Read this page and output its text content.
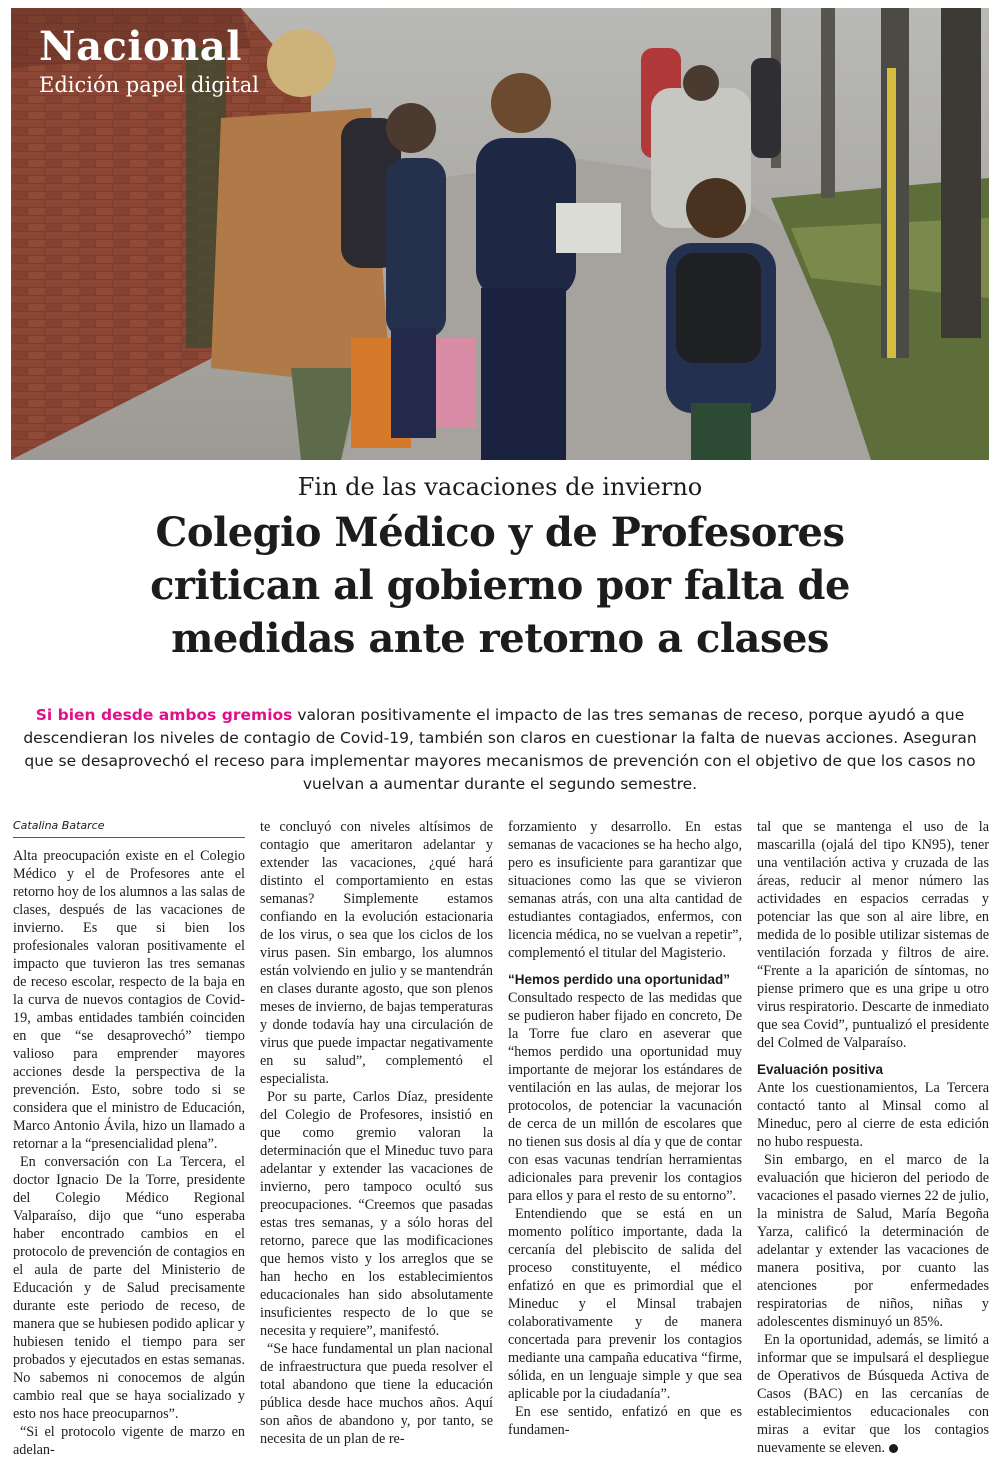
Nacional
Edición papel digital
Fin de las vacaciones de invierno
Colegio Médico y de Profesores
critican al gobierno por falta de
medidas ante retorno a clases
Si bien desde ambos gremios valoran positivamente el impacto de las tres semanas de receso, porque ayudó a que descendieran los niveles de contagio de Covid-19, también son claros en cuestionar la falta de nuevas acciones. Aseguran que se desaprovechó el receso para implementar mayores mecanismos de prevención con el objetivo de que los casos no vuelvan a aumentar durante el segundo semestre.
Catalina Batarce

Alta preocupación existe en el Colegio Médico y el de Profesores ante el retorno hoy de los alumnos a las salas de clases, después de las vacaciones de invierno. Es que si bien los profesionales valoran positivamente el impacto que tuvieron las tres semanas de receso escolar, respecto de la baja en la curva de nuevos contagios de Covid-19, ambas entidades también coinciden en que “se desaprovechó” tiempo valioso para emprender mayores acciones desde la perspectiva de la prevención. Esto, sobre todo si se considera que el ministro de Educación, Marco Antonio Ávila, hizo un llamado a retornar a la “presencialidad plena”.

En conversación con La Tercera, el doctor Ignacio De la Torre, presidente del Colegio Médico Regional Valparaíso, dijo que “uno esperaba haber encontrado cambios en el protocolo de prevención de contagios en el aula de parte del Ministerio de Educación y de Salud precisamente durante este periodo de receso, de manera que se hubiesen podido aplicar y hubiesen tenido el tiempo para ser probados y ejecutados en estas semanas. No sabemos ni conocemos de algún cambio real que se haya socializado y esto nos hace preocuparnos”.

“Si el protocolo vigente de marzo en adelan-

te concluyó con niveles altísimos de contagio que ameritaron adelantar y extender las vacaciones, ¿qué hará distinto el comportamiento en estas semanas? Simplemente estamos confiando en la evolución estacionaria de los virus, o sea que los ciclos de los virus pasen. Sin embargo, los alumnos están volviendo en julio y se mantendrán en clases durante agosto, que son plenos meses de invierno, de bajas temperaturas y donde todavía hay una circulación de virus que puede impactar negativamente en su salud”, complementó el especialista.

Por su parte, Carlos Díaz, presidente del Colegio de Profesores, insistió en que como gremio valoran la determinación que el Mineduc tuvo para adelantar y extender las vacaciones de invierno, pero tampoco ocultó sus preocupaciones. “Creemos que pasadas estas tres semanas, y a sólo horas del retorno, parece que las modificaciones que hemos visto y los arreglos que se han hecho en los establecimientos educacionales han sido absolutamente insuficientes respecto de lo que se necesita y requiere”, manifestó.

“Se hace fundamental un plan nacional de infraestructura que pueda resolver el total abandono que tiene la educación pública desde hace muchos años. Aquí son años de abandono y, por tanto, se necesita de un plan de re-

forzamiento y desarrollo. En estas semanas de vacaciones se ha hecho algo, pero es insuficiente para garantizar que situaciones como las que se vivieron semanas atrás, con una alta cantidad de estudiantes contagiados, enfermos, con licencia médica, no se vuelvan a repetir”, complementó el titular del Magisterio.

“Hemos perdido una oportunidad”

Consultado respecto de las medidas que se pudieron haber fijado en concreto, De la Torre fue claro en aseverar que “hemos perdido una oportunidad muy importante de mejorar los estándares de ventilación en las aulas, de mejorar los protocolos, de potenciar la vacunación de cerca de un millón de escolares que no tienen sus dosis al día y que de contar con esas vacunas tendrían herramientas adicionales para prevenir los contagios para ellos y para el resto de su entorno”.

Entendiendo que se está en un momento político importante, dada la cercanía del plebiscito de salida del proceso constituyente, el médico enfatizó en que es primordial que el Mineduc y el Minsal trabajen colaborativamente y de manera concertada para prevenir los contagios mediante una campaña educativa “firme, sólida, en un lenguaje simple y que sea aplicable por la ciudadanía”.

En ese sentido, enfatizó en que es fundamen-

tal que se mantenga el uso de la mascarilla (ojalá del tipo KN95), tener una ventilación activa y cruzada de las áreas, reducir al menor número las actividades en espacios cerradas y potenciar las que son al aire libre, en medida de lo posible utilizar sistemas de ventilación forzada y filtros de aire. “Frente a la aparición de síntomas, no piense primero que es una gripe u otro virus respiratorio. Descarte de inmediato que sea Covid”, puntualizó el presidente del Colmed de Valparaíso.

Evaluación positiva

Ante los cuestionamientos, La Tercera contactó tanto al Minsal como al Mineduc, pero al cierre de esta edición no hubo respuesta.

Sin embargo, en el marco de la evaluación que hicieron del periodo de vacaciones el pasado viernes 22 de julio, la ministra de Salud, María Begoña Yarza, calificó la determinación de adelantar y extender las vacaciones de manera positiva, por cuanto las atenciones por enfermedades respiratorias de niños, niñas y adolescentes disminuyó un 85%.

En la oportunidad, además, se limitó a informar que se impulsará el despliegue de Operativos de Búsqueda Activa de Casos (BAC) en las cercanías de establecimientos educacionales con miras a evitar que los contagios nuevamente se eleven.
